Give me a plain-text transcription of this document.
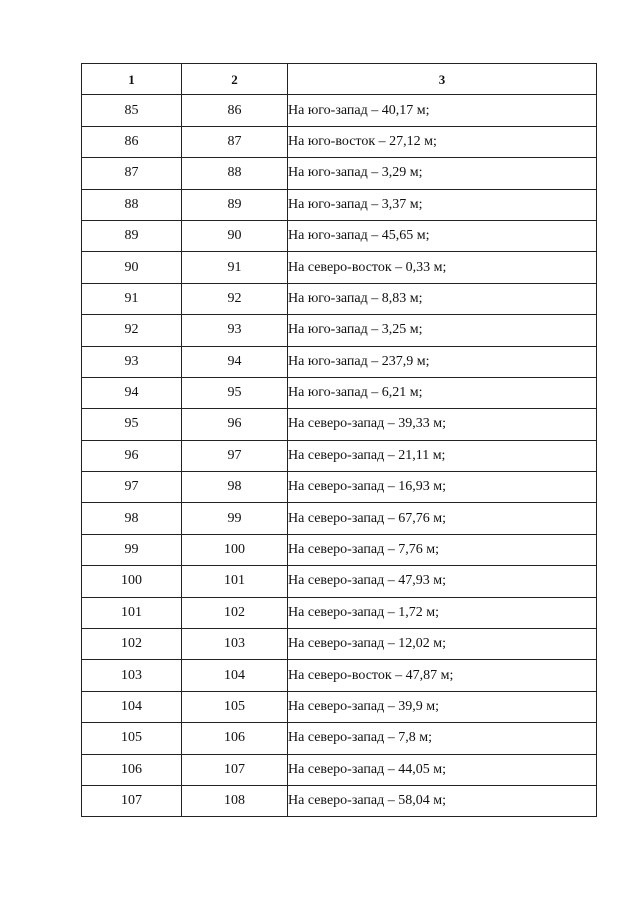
1	2	3
85	86	На юго-запад – 40,17 м;
86	87	На юго-восток – 27,12 м;
87	88	На юго-запад – 3,29 м;
88	89	На юго-запад – 3,37 м;
89	90	На юго-запад – 45,65 м;
90	91	На северо-восток – 0,33 м;
91	92	На юго-запад – 8,83 м;
92	93	На юго-запад – 3,25 м;
93	94	На юго-запад – 237,9 м;
94	95	На юго-запад – 6,21 м;
95	96	На северо-запад – 39,33 м;
96	97	На северо-запад – 21,11 м;
97	98	На северо-запад – 16,93 м;
98	99	На северо-запад – 67,76 м;
99	100	На северо-запад – 7,76 м;
100	101	На северо-запад – 47,93 м;
101	102	На северо-запад – 1,72 м;
102	103	На северо-запад – 12,02 м;
103	104	На северо-восток – 47,87 м;
104	105	На северо-запад – 39,9 м;
105	106	На северо-запад – 7,8 м;
106	107	На северо-запад – 44,05 м;
107	108	На северо-запад – 58,04 м;
